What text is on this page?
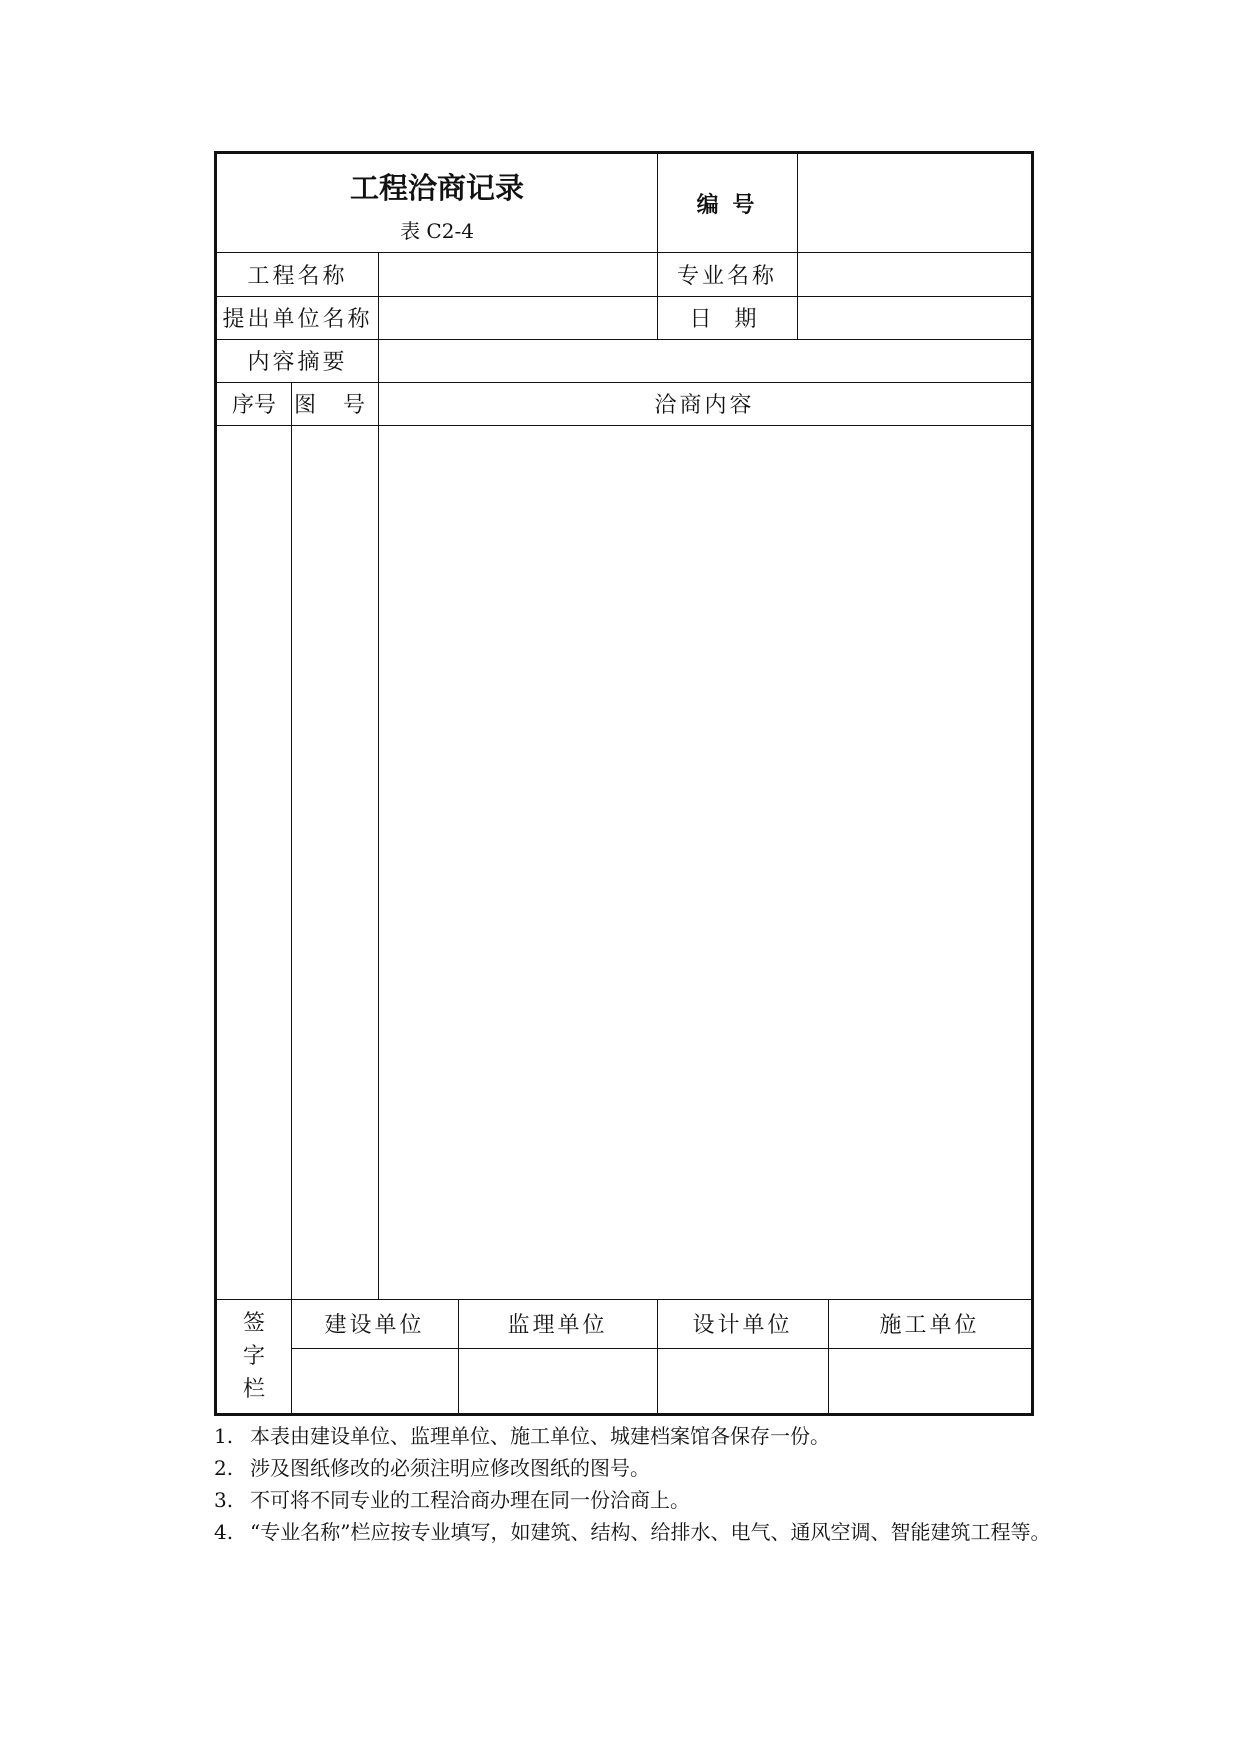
工程洽商记录
表 C2-4
编 号
工程名称	专业名称
提出单位名称	日 期
内容摘要
序号 图 号	洽商内容
签
字
栏
建设单位	监理单位	设计单位	施工单位
1. 本表由建设单位、监理单位、施工单位、城建档案馆各保存一份。
2. 涉及图纸修改的必须注明应修改图纸的图号。
3. 不可将不同专业的工程洽商办理在同一份洽商上。
4. “专业名称”栏应按专业填写，如建筑、结构、给排水、电气、通风空调、智能建筑工程等。
